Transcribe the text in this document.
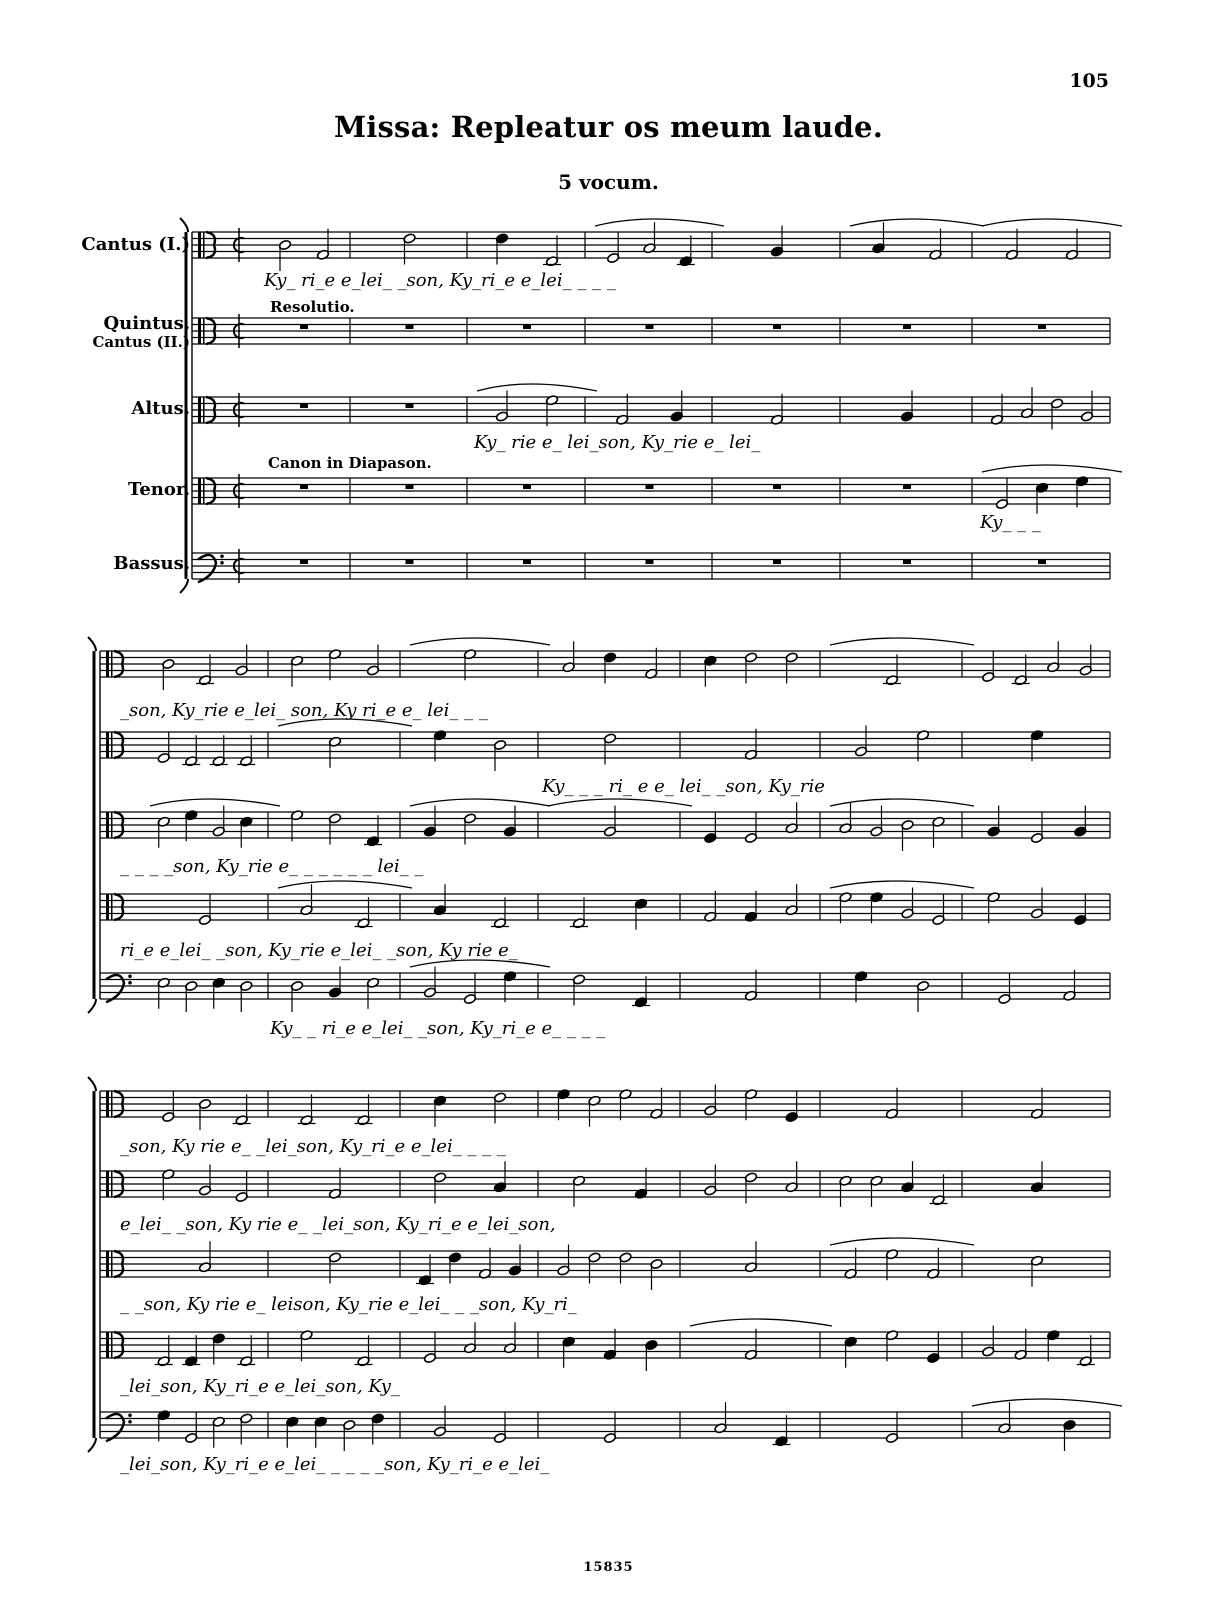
105
Missa: Repleatur os meum laude.
5 vocum.
Cantus (I.)
Quintus.
Cantus (II.)
Altus.
Tenor.
Bassus.
Resolutio.
Canon in Diapason.
Ky_ ri_e e_lei_ _son, Ky_ri_e e_lei_ _ _ _
Ky_ rie e_ lei_son, Ky_rie e_ lei_
Ky_ _ _
_son, Ky_rie e_lei_ son, Ky ri_e e_ lei_ _ _
Ky_ _ _ ri_ e e_ lei_ _son, Ky_rie
_ _ _ _son, Ky_rie e_ _ _ _ _ _ lei_ _
ri_e e_lei_ _son, Ky_rie e_lei_ _son, Ky rie e_
Ky_ _ ri_e e_lei_ _son, Ky_ri_e e_ _ _ _
_son, Ky rie e_ _lei_son, Ky_ri_e e_lei_ _ _ _
e_lei_ _son, Ky rie e_ _lei_son, Ky_ri_e e_lei_son,
_ _son, Ky rie e_ leison, Ky_rie e_lei_ _ _son, Ky_ri_
_lei_son, Ky_ri_e e_lei_son, Ky_
_lei_son, Ky_ri_e e_lei_ _ _ _ _son, Ky_ri_e e_lei_
15835
